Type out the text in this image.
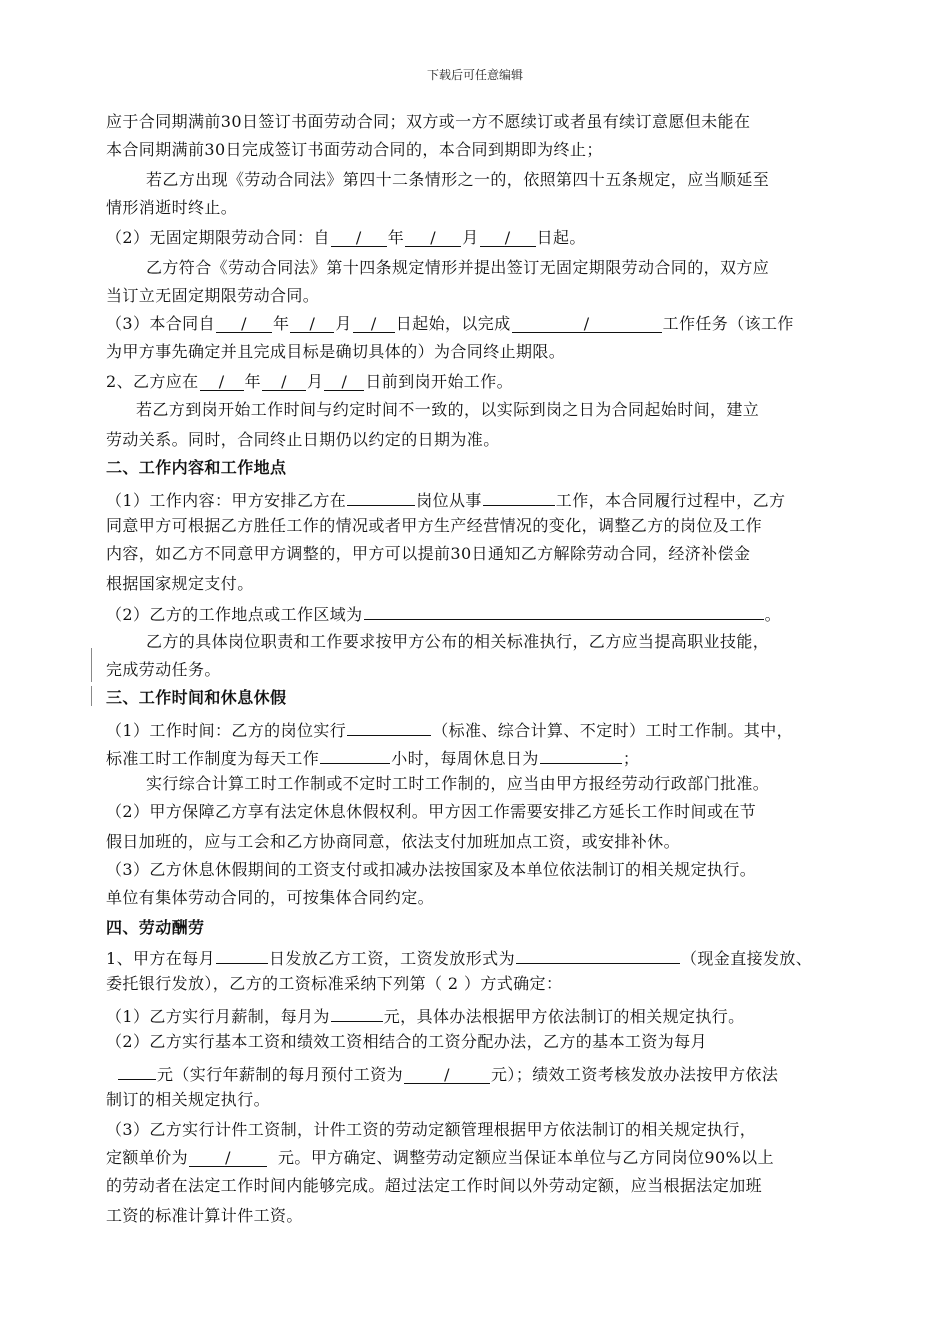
下载后可任意编辑
应于合同期满前30日签订书面劳动合同；双方或一方不愿续订或者虽有续订意愿但未能在
本合同期满前30日完成签订书面劳动合同的，本合同到期即为终止；
若乙方出现《劳动合同法》第四十二条情形之一的，依照第四十五条规定，应当顺延至
情形消逝时终止。
（2）无固定期限劳动合同：自 / 年 / 月 / 日起。
乙方符合《劳动合同法》第十四条规定情形并提出签订无固定期限劳动合同的，双方应
当订立无固定期限劳动合同。
（3）本合同自 / 年 / 月 / 日起始，以完成	/	工作任务（该工作
为甲方事先确定并且完成目标是确切具体的）为合同终止期限。
2、乙方应在 / 年 / 月 / 日前到岗开始工作。
若乙方到岗开始工作时间与约定时间不一致的，以实际到岗之日为合同起始时间，建立
劳动关系。同时，合同终止日期仍以约定的日期为准。
二、工作内容和工作地点
（1）工作内容：甲方安排乙方在	岗位从事	工作，本合同履行过程中，乙方
同意甲方可根据乙方胜任工作的情况或者甲方生产经营情况的变化，调整乙方的岗位及工作
内容，如乙方不同意甲方调整的，甲方可以提前30日通知乙方解除劳动合同，经济补偿金
根据国家规定支付。
（2）乙方的工作地点或工作区域为	。
乙方的具体岗位职责和工作要求按甲方公布的相关标准执行，乙方应当提高职业技能，
完成劳动任务。
三、工作时间和休息休假
（1）工作时间：乙方的岗位实行	（标准、综合计算、不定时）工时工作制。其中，
标准工时工作制度为每天工作	小时，每周休息日为	；
实行综合计算工时工作制或不定时工时工作制的，应当由甲方报经劳动行政部门批准。
（2）甲方保障乙方享有法定休息休假权利。甲方因工作需要安排乙方延长工作时间或在节
假日加班的，应与工会和乙方协商同意，依法支付加班加点工资，或安排补休。
（3）乙方休息休假期间的工资支付或扣减办法按国家及本单位依法制订的相关规定执行。
单位有集体劳动合同的，可按集体合同约定。
四、劳动酬劳
1、甲方在每月	日发放乙方工资，工资发放形式为	（现金直接发放、
委托银行发放），乙方的工资标准采纳下列第（ 2 ）方式确定：
（1）乙方实行月薪制，每月为	元，具体办法根据甲方依法制订的相关规定执行。
（2）乙方实行基本工资和绩效工资相结合的工资分配办法，乙方的基本工资为每月
元（实行年薪制的每月预付工资为	/	元）；绩效工资考核发放办法按甲方依法
制订的相关规定执行。
（3）乙方实行计件工资制，计件工资的劳动定额管理根据甲方依法制订的相关规定执行，
定额单价为 /	元。甲方确定、调整劳动定额应当保证本单位与乙方同岗位90%以上
的劳动者在法定工作时间内能够完成。超过法定工作时间以外劳动定额，应当根据法定加班
工资的标准计算计件工资。
